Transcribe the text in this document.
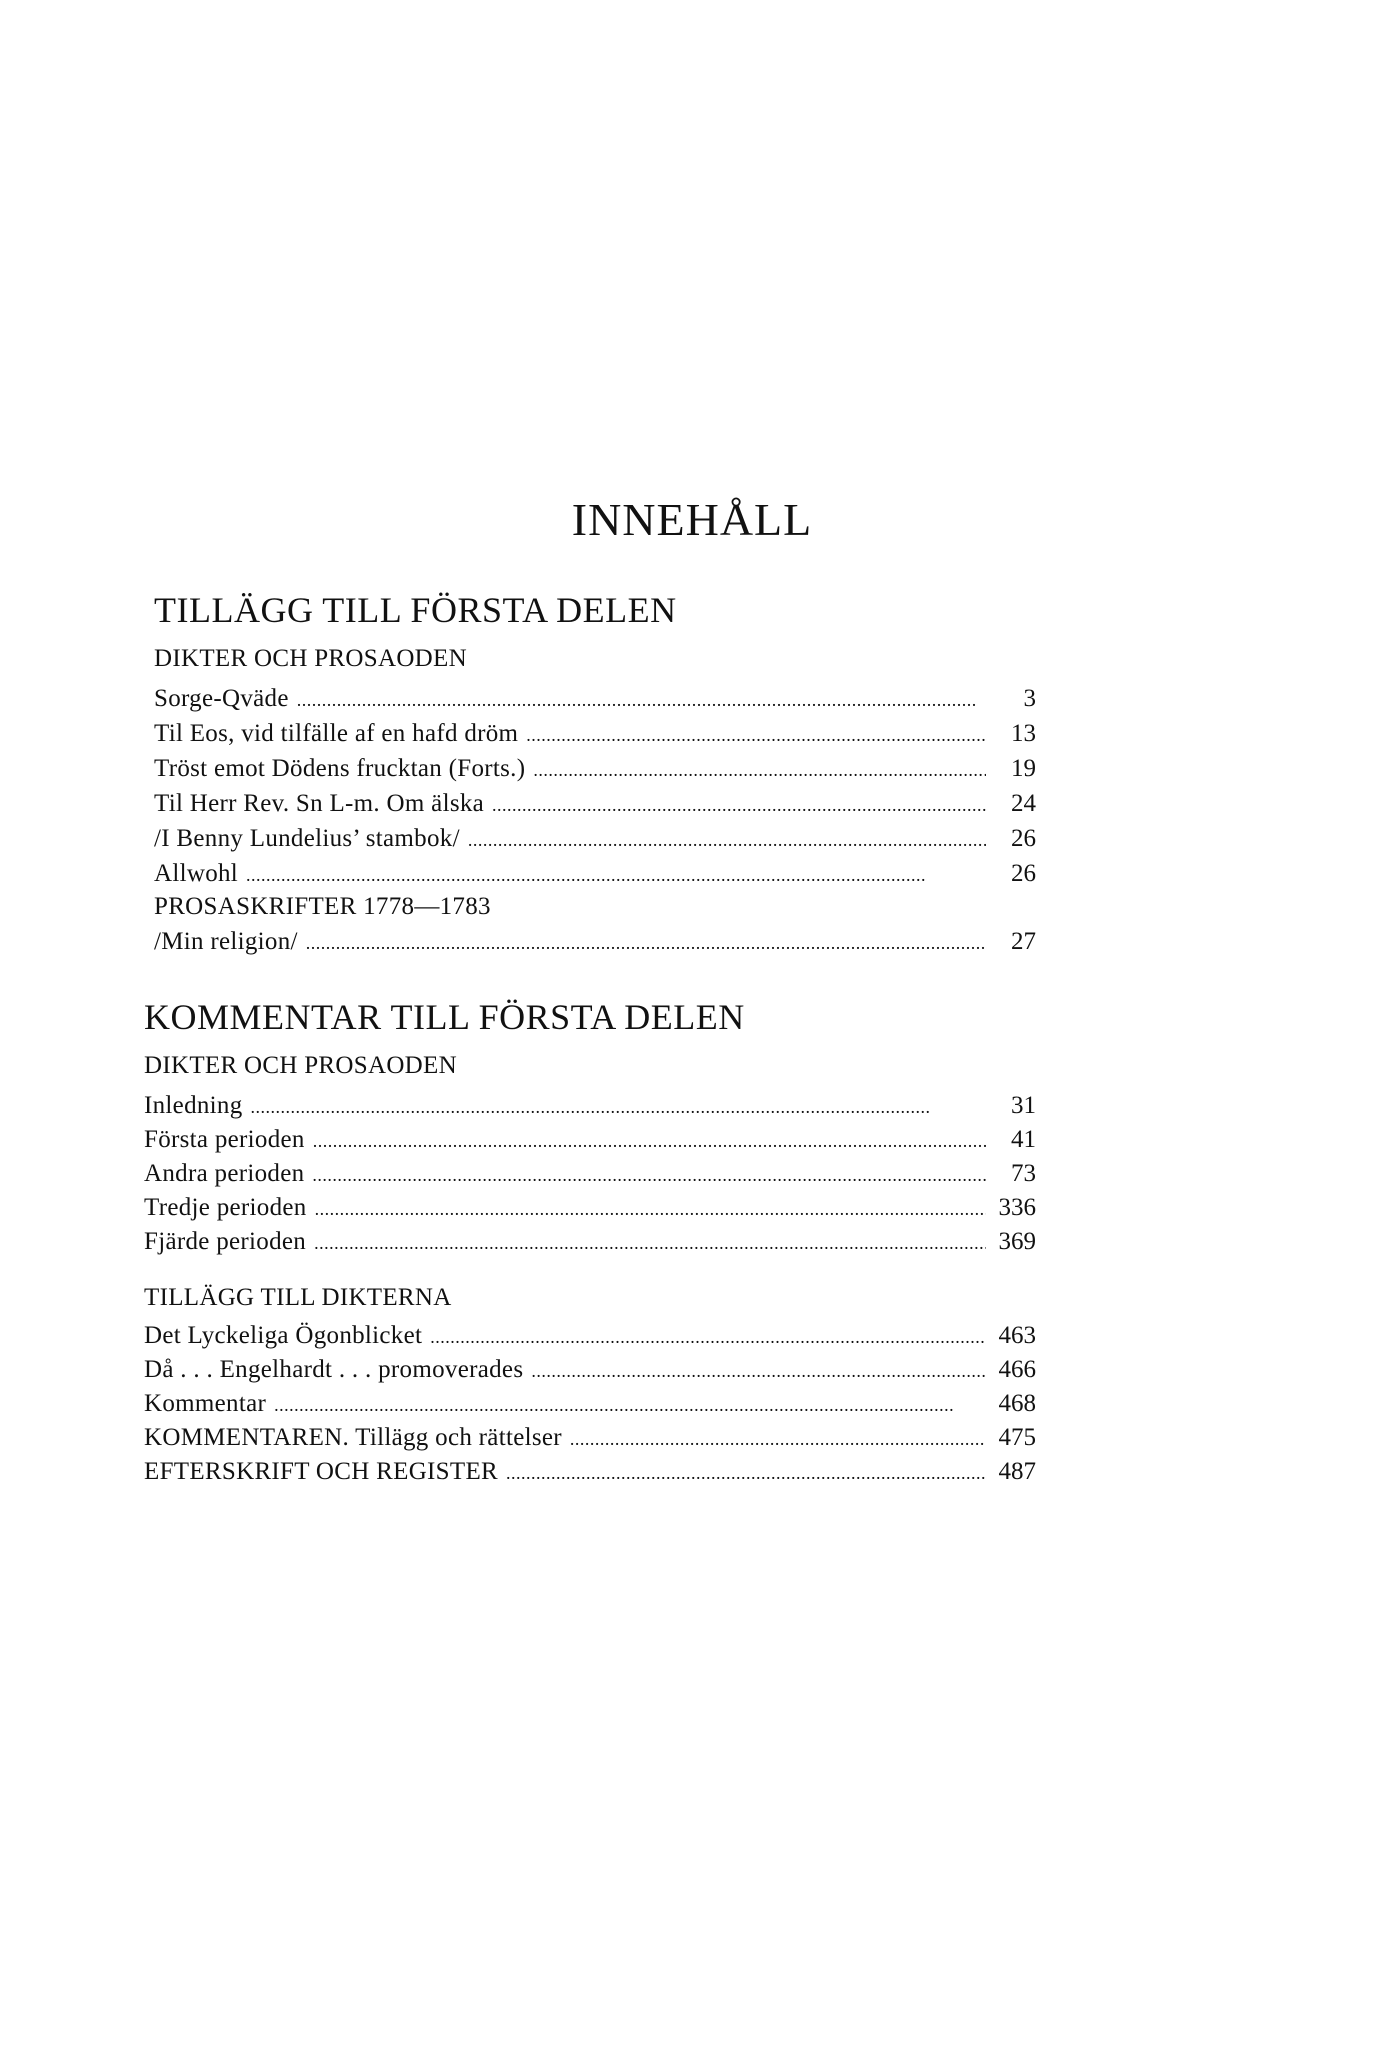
INNEHÅLL
TILLÄGG TILL FÖRSTA DELEN
DIKTER OCH PROSAODEN
Sorge-Qväde . . .	3
Til Eos, vid tilfälle af en hafd dröm . . .	13
Tröst emot Dödens frucktan (Forts.) . . .	19
Til Herr Rev. Sn L-m. Om älska . . .	24
/I Benny Lundelius’ stambok/ . . .	26
Allwohl . . .	26
PROSASKRIFTER 1778—1783
/Min religion/ . . .	27
KOMMENTAR TILL FÖRSTA DELEN
DIKTER OCH PROSAODEN
Inledning . . .	31
Första perioden . . .	41
Andra perioden . . .	73
Tredje perioden . . .	336
Fjärde perioden . . .	369
TILLÄGG TILL DIKTERNA
Det Lyckeliga Ögonblicket . . .	463
Då . . . Engelhardt . . . promoverades . . .	466
Kommentar . . .	468
KOMMENTAREN. Tillägg och rättelser . . .	475
EFTERSKRIFT OCH REGISTER . . .	487
